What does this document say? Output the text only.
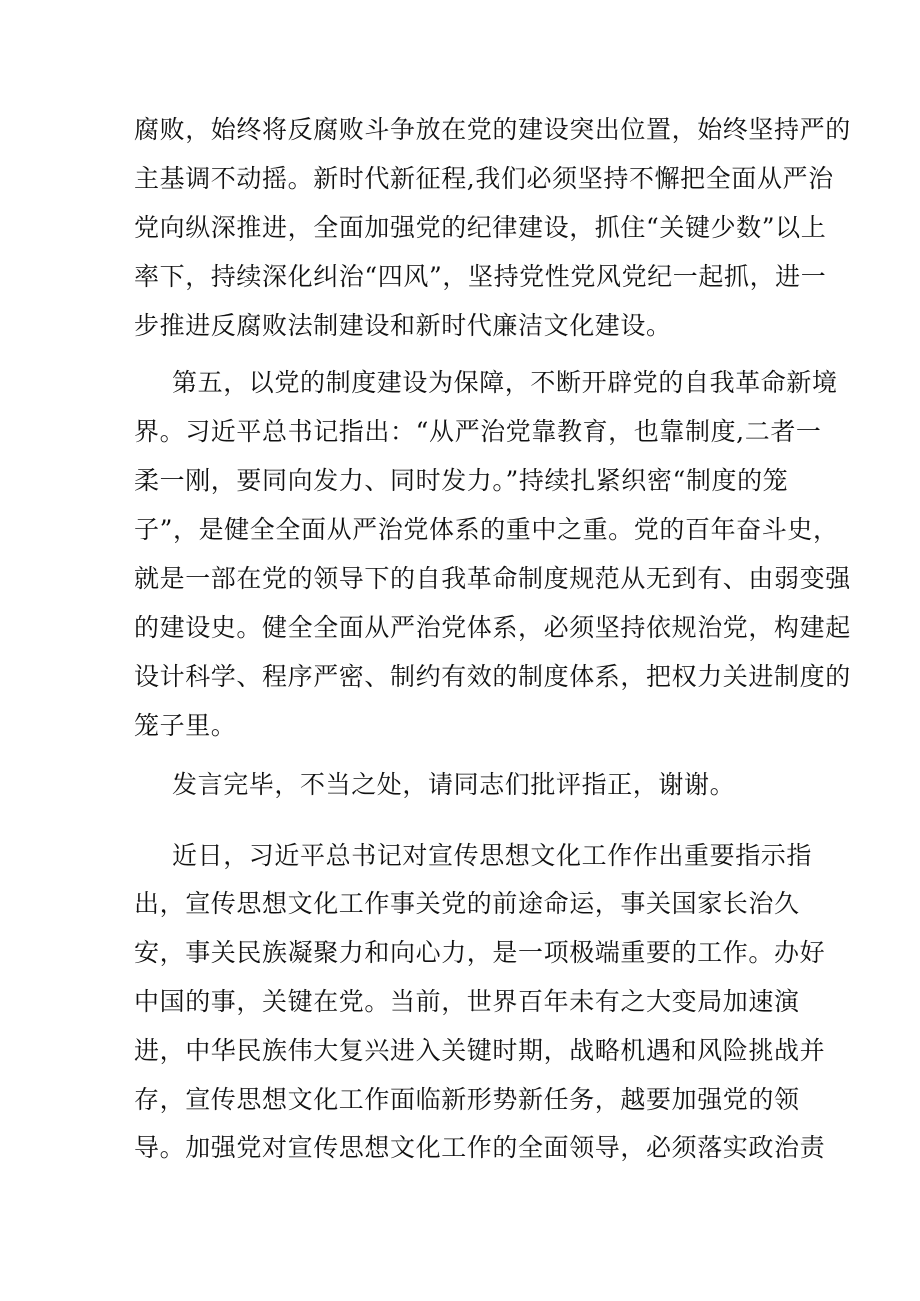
腐败，始终将反腐败斗争放在党的建设突出位置，始终坚持严的
主基调不动摇。新时代新征程,我们必须坚持不懈把全面从严治
党向纵深推进，全面加强党的纪律建设，抓住“关键少数”以上
率下，持续深化纠治“四风”，坚持党性党风党纪一起抓，进一
步推进反腐败法制建设和新时代廉洁文化建设。
第五，以党的制度建设为保障，不断开辟党的自我革命新境
界。习近平总书记指出：“从严治党靠教育，也靠制度,二者一
柔一刚，要同向发力、同时发力。”持续扎紧织密“制度的笼
子”，是健全全面从严治党体系的重中之重。党的百年奋斗史，
就是一部在党的领导下的自我革命制度规范从无到有、由弱变强
的建设史。健全全面从严治党体系，必须坚持依规治党，构建起
设计科学、程序严密、制约有效的制度体系，把权力关进制度的
笼子里。
发言完毕，不当之处，请同志们批评指正，谢谢。
近日，习近平总书记对宣传思想文化工作作出重要指示指
出，宣传思想文化工作事关党的前途命运，事关国家长治久
安，事关民族凝聚力和向心力，是一项极端重要的工作。办好
中国的事，关键在党。当前，世界百年未有之大变局加速演
进，中华民族伟大复兴进入关键时期，战略机遇和风险挑战并
存，宣传思想文化工作面临新形势新任务，越要加强党的领
导。加强党对宣传思想文化工作的全面领导，必须落实政治责
